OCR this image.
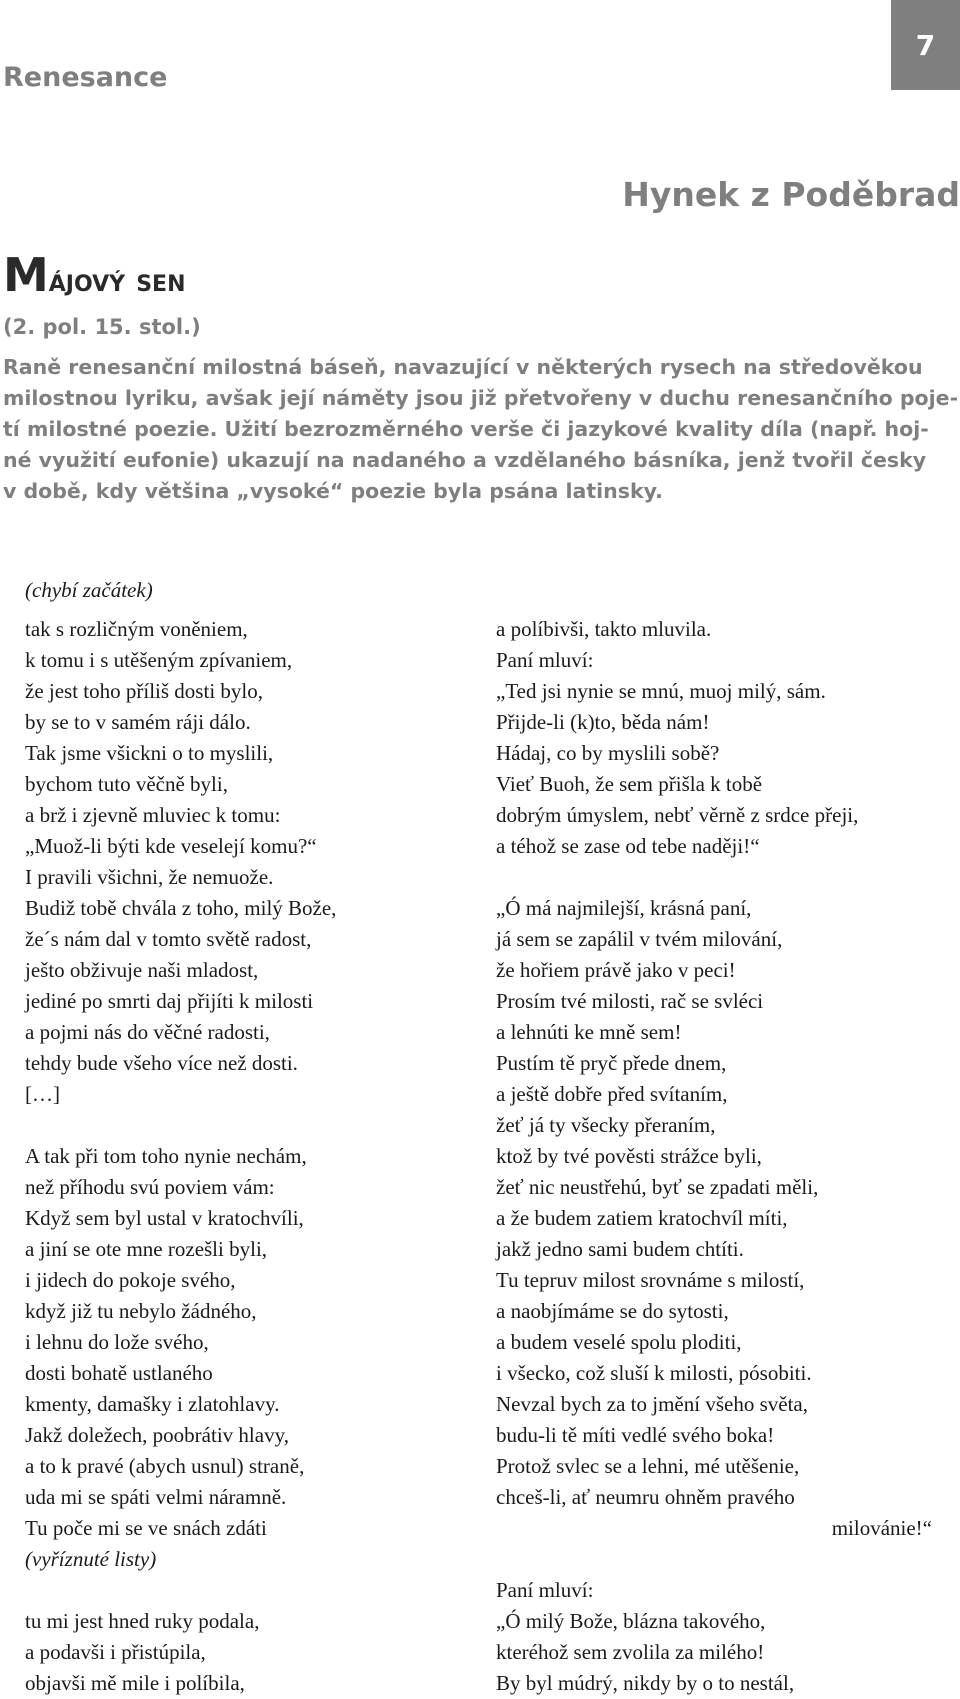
Renesance
7
Hynek z Poděbrad
Májový sen
(2. pol. 15. stol.)
Raně renesanční milostná báseň, navazující v některých rysech na středověkou
milostnou lyriku, avšak její náměty jsou již přetvořeny v duchu renesančního poje-
tí milostné poezie. Užití bezrozměrného verše či jazykové kvality díla (např. hoj-
né využití eufonie) ukazují na nadaného a vzdělaného básníka, jenž tvořil česky
v době, kdy většina „vysoké“ poezie byla psána latinsky.
(chybí začátek)
tak s rozličným voněniem,
k tomu i s utěšeným zpívaniem,
že jest toho příliš dosti bylo,
by se to v samém ráji dálo.
Tak jsme všickni o to myslili,
bychom tuto věčně byli,
a brž i zjevně mluviec k tomu:
„Muož-li býti kde veselejí komu?“
I pravili všichni, že nemuože.
Budiž tobě chvála z toho, milý Bože,
že´s nám dal v tomto světě radost,
ješto obživuje naši mladost,
jediné po smrti daj přijíti k milosti
a pojmi nás do věčné radosti,
tehdy bude všeho více než dosti.
[…]
A tak při tom toho nynie nechám,
než příhodu svú poviem vám:
Když sem byl ustal v kratochvíli,
a jiní se ote mne rozešli byli,
i jidech do pokoje svého,
když již tu nebylo žádného,
i lehnu do lože svého,
dosti bohatě ustlaného
kmenty, damašky i zlatohlavy.
Jakž doležech, poobrátiv hlavy,
a to k pravé (abych usnul) straně,
uda mi se spáti velmi náramně.
Tu poče mi se ve snách zdáti
(vyříznuté listy)
tu mi jest hned ruky podala,
a podavši i přistúpila,
objavši mě mile i políbila,
a políbivši, takto mluvila.
Paní mluví:
„Ted jsi nynie se mnú, muoj milý, sám.
Přijde-li (k)to, běda nám!
Hádaj, co by myslili sobě?
Vieť Buoh, že sem přišla k tobě
dobrým úmyslem, nebť věrně z srdce přeji,
a téhož se zase od tebe naději!“
„Ó má najmilejší, krásná paní,
já sem se zapálil v tvém milování,
že hořiem právě jako v peci!
Prosím tvé milosti, rač se svléci
a lehnúti ke mně sem!
Pustím tě pryč přede dnem,
a ještě dobře před svítaním,
žeť já ty všecky přeraním,
ktož by tvé pověsti strážce byli,
žeť nic neustřehú, byť se zpadati měli,
a že budem zatiem kratochvíl míti,
jakž jedno sami budem chtíti.
Tu tepruv milost srovnáme s milostí,
a naobjímáme se do sytosti,
a budem veselé spolu ploditi,
i všecko, což sluší k milosti, pósobiti.
Nevzal bych za to jmění všeho světa,
budu-li tě míti vedlé svého boka!
Protož svlec se a lehni, mé utěšenie,
chceš-li, ať neumru ohněm pravého
milovánie!“
Paní mluví:
„Ó milý Bože, blázna takového,
kteréhož sem zvolila za milého!
By byl múdrý, nikdy by o to nestál,
